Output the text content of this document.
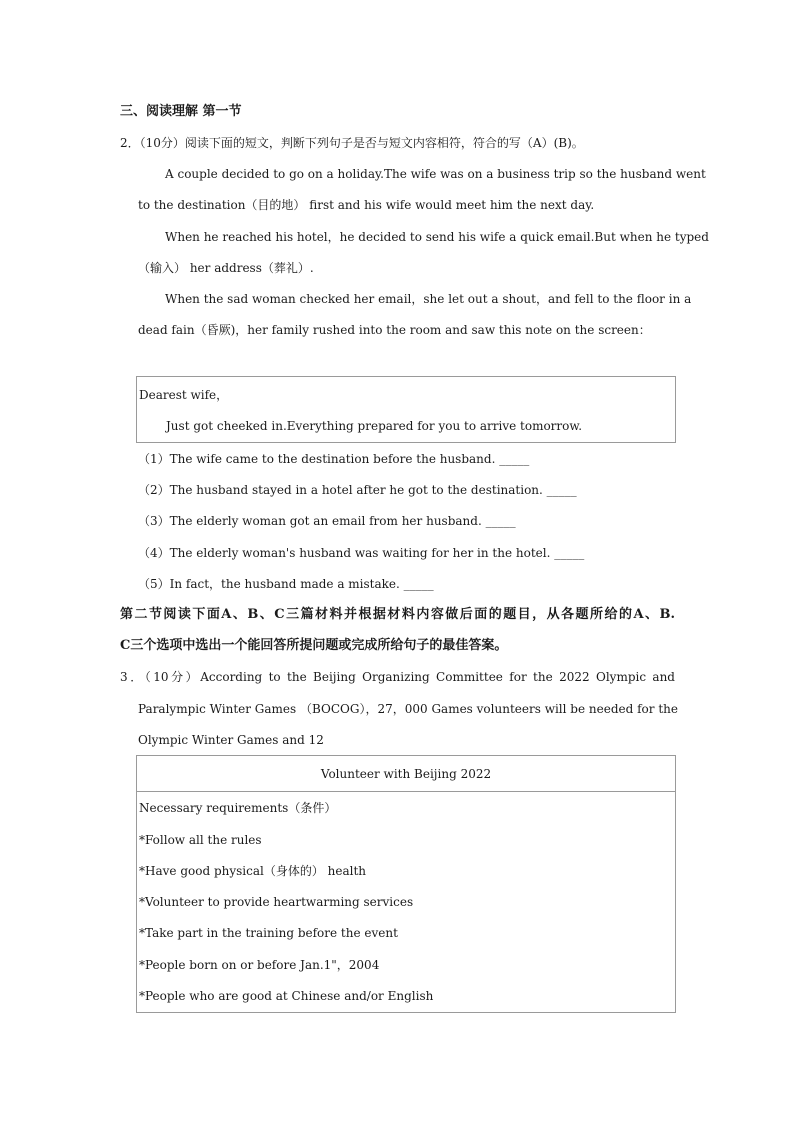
三、阅读理解 第一节
2．（10分）阅读下面的短文，判断下列句子是否与短文内容相符，符合的写（A）(B)。
A couple decided to go on a holiday.The wife was on a business trip so the husband went
to the destination（目的地） first and his wife would meet him the next day.
When he reached his hotel，he decided to send his wife a quick email.But when he typed
（输入） her address（葬礼）.
When the sad woman checked her email，she let out a shout，and fell to the floor in a
dead fain（昏厥)，her family rushed into the room and saw this note on the screen：
Dearest wife，
Just got cheeked in.Everything prepared for you to arrive tomorrow.
（1）The wife came to the destination before the husband. _____
（2）The husband stayed in a hotel after he got to the destination. _____
（3）The elderly woman got an email from her husband. _____
（4）The elderly woman's husband was waiting for her in the hotel. _____
（5）In fact，the husband made a mistake. _____
第二节阅读下面A、B、C三篇材料并根据材料内容做后面的题目，从各题所给的A、B.
C三个选项中选出一个能回答所提问题或完成所给句子的最佳答案。
3．（10分）According to the Beijing Organizing Committee for the 2022 Olympic and
Paralympic Winter Games （BOCOG），27，000 Games volunteers will be needed for the
Olympic Winter Games and 12
Volunteer with Beijing 2022
Necessary requirements（条件）
*Follow all the rules
*Have good physical（身体的） health
*Volunteer to provide heartwarming services
*Take part in the training before the event
*People born on or before Jan.1"，2004
*People who are good at Chinese and/or English
